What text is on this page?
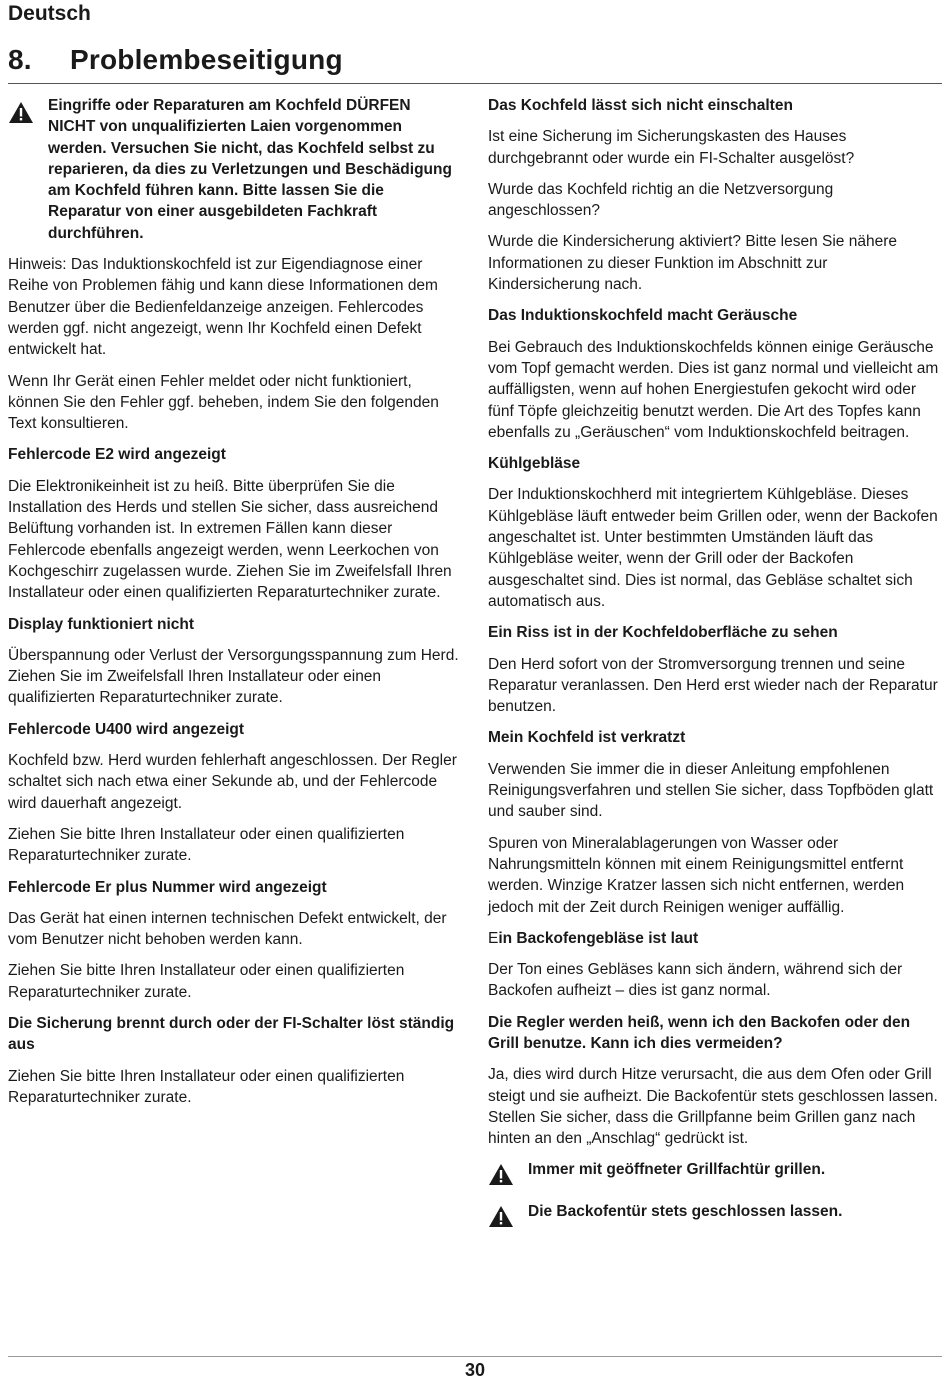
Deutsch
8. Problembeseitigung
Eingriffe oder Reparaturen am Kochfeld DÜRFEN NICHT von unqualifizierten Laien vorgenommen werden. Versuchen Sie nicht, das Kochfeld selbst zu reparieren, da dies zu Verletzungen und Beschädigung am Kochfeld führen kann. Bitte lassen Sie die Reparatur von einer ausgebildeten Fachkraft durchführen.

Hinweis: Das Induktionskochfeld ist zur Eigendiagnose einer Reihe von Problemen fähig und kann diese Informationen dem Benutzer über die Bedienfeldanzeige anzeigen. Fehlercodes werden ggf. nicht angezeigt, wenn Ihr Kochfeld einen Defekt entwickelt hat.

Wenn Ihr Gerät einen Fehler meldet oder nicht funktioniert, können Sie den Fehler ggf. beheben, indem Sie den folgenden Text konsultieren.

Fehlercode E2 wird angezeigt

Die Elektronikeinheit ist zu heiß. Bitte überprüfen Sie die Installation des Herds und stellen Sie sicher, dass ausreichend Belüftung vorhanden ist. In extremen Fällen kann dieser Fehlercode ebenfalls angezeigt werden, wenn Leerkochen von Kochgeschirr zugelassen wurde. Ziehen Sie im Zweifelsfall Ihren Installateur oder einen qualifizierten Reparaturtechniker zurate.

Display funktioniert nicht

Überspannung oder Verlust der Versorgungsspannung zum Herd. Ziehen Sie im Zweifelsfall Ihren Installateur oder einen qualifizierten Reparaturtechniker zurate.

Fehlercode U400 wird angezeigt

Kochfeld bzw. Herd wurden fehlerhaft angeschlossen. Der Regler schaltet sich nach etwa einer Sekunde ab, und der Fehlercode wird dauerhaft angezeigt.

Ziehen Sie bitte Ihren Installateur oder einen qualifizierten Reparaturtechniker zurate.

Fehlercode Er plus Nummer wird angezeigt

Das Gerät hat einen internen technischen Defekt entwickelt, der vom Benutzer nicht behoben werden kann.

Ziehen Sie bitte Ihren Installateur oder einen qualifizierten Reparaturtechniker zurate.

Die Sicherung brennt durch oder der FI-Schalter löst ständig aus

Ziehen Sie bitte Ihren Installateur oder einen qualifizierten Reparaturtechniker zurate.

Das Kochfeld lässt sich nicht einschalten

Ist eine Sicherung im Sicherungskasten des Hauses durchgebrannt oder wurde ein FI-Schalter ausgelöst?

Wurde das Kochfeld richtig an die Netzversorgung angeschlossen?

Wurde die Kindersicherung aktiviert? Bitte lesen Sie nähere Informationen zu dieser Funktion im Abschnitt zur Kindersicherung nach.

Das Induktionskochfeld macht Geräusche

Bei Gebrauch des Induktionskochfelds können einige Geräusche vom Topf gemacht werden. Dies ist ganz normal und vielleicht am auffälligsten, wenn auf hohen Energiestufen gekocht wird oder fünf Töpfe gleichzeitig benutzt werden. Die Art des Topfes kann ebenfalls zu „Geräuschen“ vom Induktionskochfeld beitragen.

Kühlgebläse

Der Induktionskochherd mit integriertem Kühlgebläse. Dieses Kühlgebläse läuft entweder beim Grillen oder, wenn der Backofen angeschaltet ist. Unter bestimmten Umständen läuft das Kühlgebläse weiter, wenn der Grill oder der Backofen ausgeschaltet sind. Dies ist normal, das Gebläse schaltet sich automatisch aus.

Ein Riss ist in der Kochfeldoberfläche zu sehen

Den Herd sofort von der Stromversorgung trennen und seine Reparatur veranlassen. Den Herd erst wieder nach der Reparatur benutzen.

Mein Kochfeld ist verkratzt

Verwenden Sie immer die in dieser Anleitung empfohlenen Reinigungsverfahren und stellen Sie sicher, dass Topfböden glatt und sauber sind.

Spuren von Mineralablagerungen von Wasser oder Nahrungsmitteln können mit einem Reinigungsmittel entfernt werden. Winzige Kratzer lassen sich nicht entfernen, werden jedoch mit der Zeit durch Reinigen weniger auffällig.

Ein Backofengebläse ist laut

Der Ton eines Gebläses kann sich ändern, während sich der Backofen aufheizt – dies ist ganz normal.

Die Regler werden heiß, wenn ich den Backofen oder den Grill benutze. Kann ich dies vermeiden?

Ja, dies wird durch Hitze verursacht, die aus dem Ofen oder Grill steigt und sie aufheizt. Die Backofentür stets geschlossen lassen. Stellen Sie sicher, dass die Grillpfanne beim Grillen ganz nach hinten an den „Anschlag“ gedrückt ist.

Immer mit geöffneter Grillfachtür grillen.
Die Backofentür stets geschlossen lassen.
30
